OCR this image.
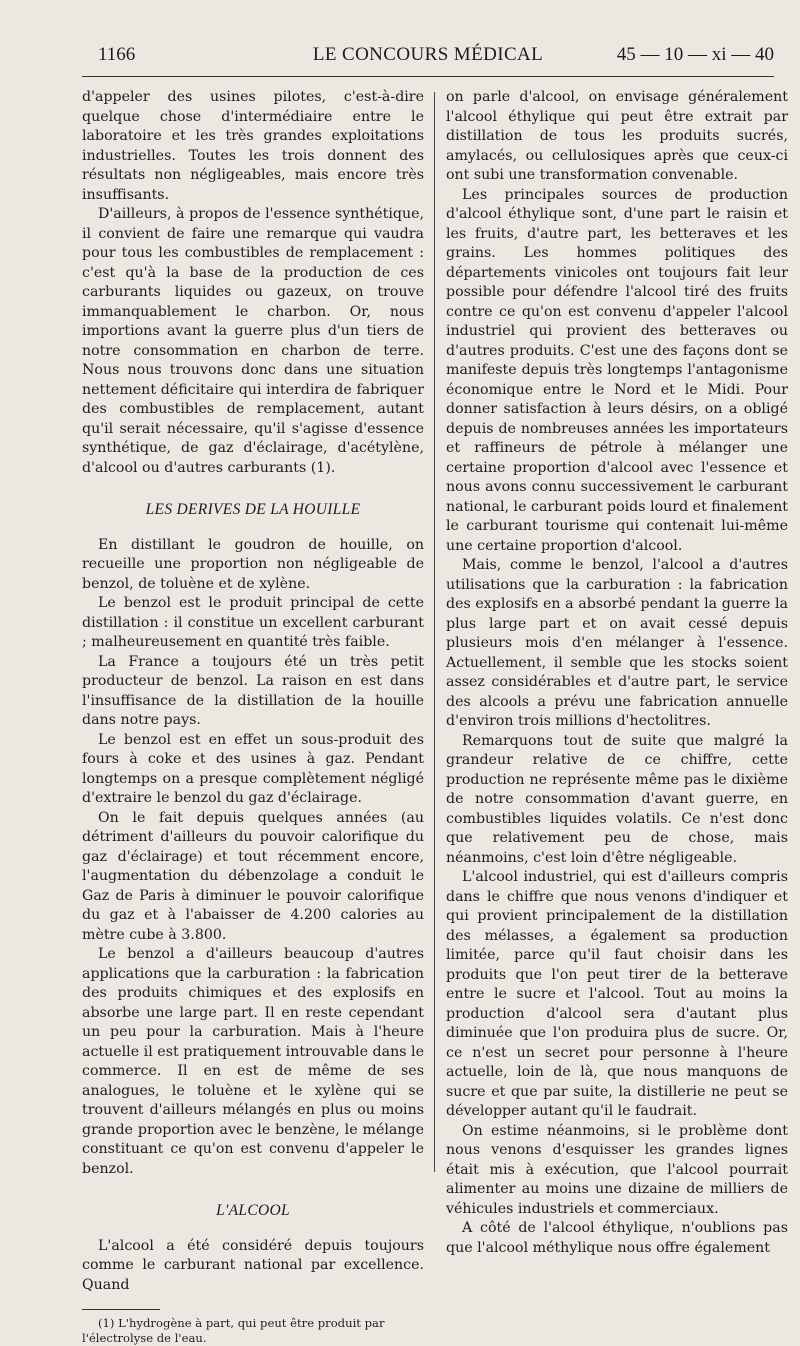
1166	LE CONCOURS MÉDICAL	45 — 10 — xi — 40

d'appeler des usines pilotes, c'est-à-dire quelque chose d'intermédiaire entre le laboratoire et les très grandes exploitations industrielles. Toutes les trois donnent des résultats non négligeables, mais encore très insuffisants.

D'ailleurs, à propos de l'essence synthétique, il convient de faire une remarque qui vaudra pour tous les combustibles de remplacement : c'est qu'à la base de la production de ces carburants liquides ou gazeux, on trouve immanquablement le charbon. Or, nous importions avant la guerre plus d'un tiers de notre consommation en charbon de terre. Nous nous trouvons donc dans une situation nettement déficitaire qui interdira de fabriquer des combustibles de remplacement, autant qu'il serait nécessaire, qu'il s'agisse d'essence synthétique, de gaz d'éclairage, d'acétylène, d'alcool ou d'autres carburants (1).

LES DERIVES DE LA HOUILLE

En distillant le goudron de houille, on recueille une proportion non négligeable de benzol, de toluène et de xylène.

Le benzol est le produit principal de cette distillation : il constitue un excellent carburant ; malheureusement en quantité très faible.

La France a toujours été un très petit producteur de benzol. La raison en est dans l'insuffisance de la distillation de la houille dans notre pays.

Le benzol est en effet un sous-produit des fours à coke et des usines à gaz. Pendant longtemps on a presque complètement négligé d'extraire le benzol du gaz d'éclairage.

On le fait depuis quelques années (au détriment d'ailleurs du pouvoir calorifique du gaz d'éclairage) et tout récemment encore, l'augmentation du débenzolage a conduit le Gaz de Paris à diminuer le pouvoir calorifique du gaz et à l'abaisser de 4.200 calories au mètre cube à 3.800.

Le benzol a d'ailleurs beaucoup d'autres applications que la carburation : la fabrication des produits chimiques et des explosifs en absorbe une large part. Il en reste cependant un peu pour la carburation. Mais à l'heure actuelle il est pratiquement introuvable dans le commerce. Il en est de même de ses analogues, le toluène et le xylène qui se trouvent d'ailleurs mélangés en plus ou moins grande proportion avec le benzène, le mélange constituant ce qu'on est convenu d'appeler le benzol.

L'ALCOOL

L'alcool a été considéré depuis toujours comme le carburant national par excellence. Quand

(1) L'hydrogène à part, qui peut être produit par l'électrolyse de l'eau.

on parle d'alcool, on envisage généralement l'alcool éthylique qui peut être extrait par distillation de tous les produits sucrés, amylacés, ou cellulosiques après que ceux-ci ont subi une transformation convenable.

Les principales sources de production d'alcool éthylique sont, d'une part le raisin et les fruits, d'autre part, les betteraves et les grains. Les hommes politiques des départements vinicoles ont toujours fait leur possible pour défendre l'alcool tiré des fruits contre ce qu'on est convenu d'appeler l'alcool industriel qui provient des betteraves ou d'autres produits. C'est une des façons dont se manifeste depuis très longtemps l'antagonisme économique entre le Nord et le Midi. Pour donner satisfaction à leurs désirs, on a obligé depuis de nombreuses années les importateurs et raffineurs de pétrole à mélanger une certaine proportion d'alcool avec l'essence et nous avons connu successivement le carburant national, le carburant poids lourd et finalement le carburant tourisme qui contenait lui-même une certaine proportion d'alcool.

Mais, comme le benzol, l'alcool a d'autres utilisations que la carburation : la fabrication des explosifs en a absorbé pendant la guerre la plus large part et on avait cessé depuis plusieurs mois d'en mélanger à l'essence. Actuellement, il semble que les stocks soient assez considérables et d'autre part, le service des alcools a prévu une fabrication annuelle d'environ trois millions d'hectolitres.

Remarquons tout de suite que malgré la grandeur relative de ce chiffre, cette production ne représente même pas le dixième de notre consommation d'avant guerre, en combustibles liquides volatils. Ce n'est donc que relativement peu de chose, mais néanmoins, c'est loin d'être négligeable.

L'alcool industriel, qui est d'ailleurs compris dans le chiffre que nous venons d'indiquer et qui provient principalement de la distillation des mélasses, a également sa production limitée, parce qu'il faut choisir dans les produits que l'on peut tirer de la betterave entre le sucre et l'alcool. Tout au moins la production d'alcool sera d'autant plus diminuée que l'on produira plus de sucre. Or, ce n'est un secret pour personne à l'heure actuelle, loin de là, que nous manquons de sucre et que par suite, la distillerie ne peut se développer autant qu'il le faudrait.

On estime néanmoins, si le problème dont nous venons d'esquisser les grandes lignes était mis à exécution, que l'alcool pourrait alimenter au moins une dizaine de milliers de véhicules industriels et commerciaux.

A côté de l'alcool éthylique, n'oublions pas que l'alcool méthylique nous offre également
